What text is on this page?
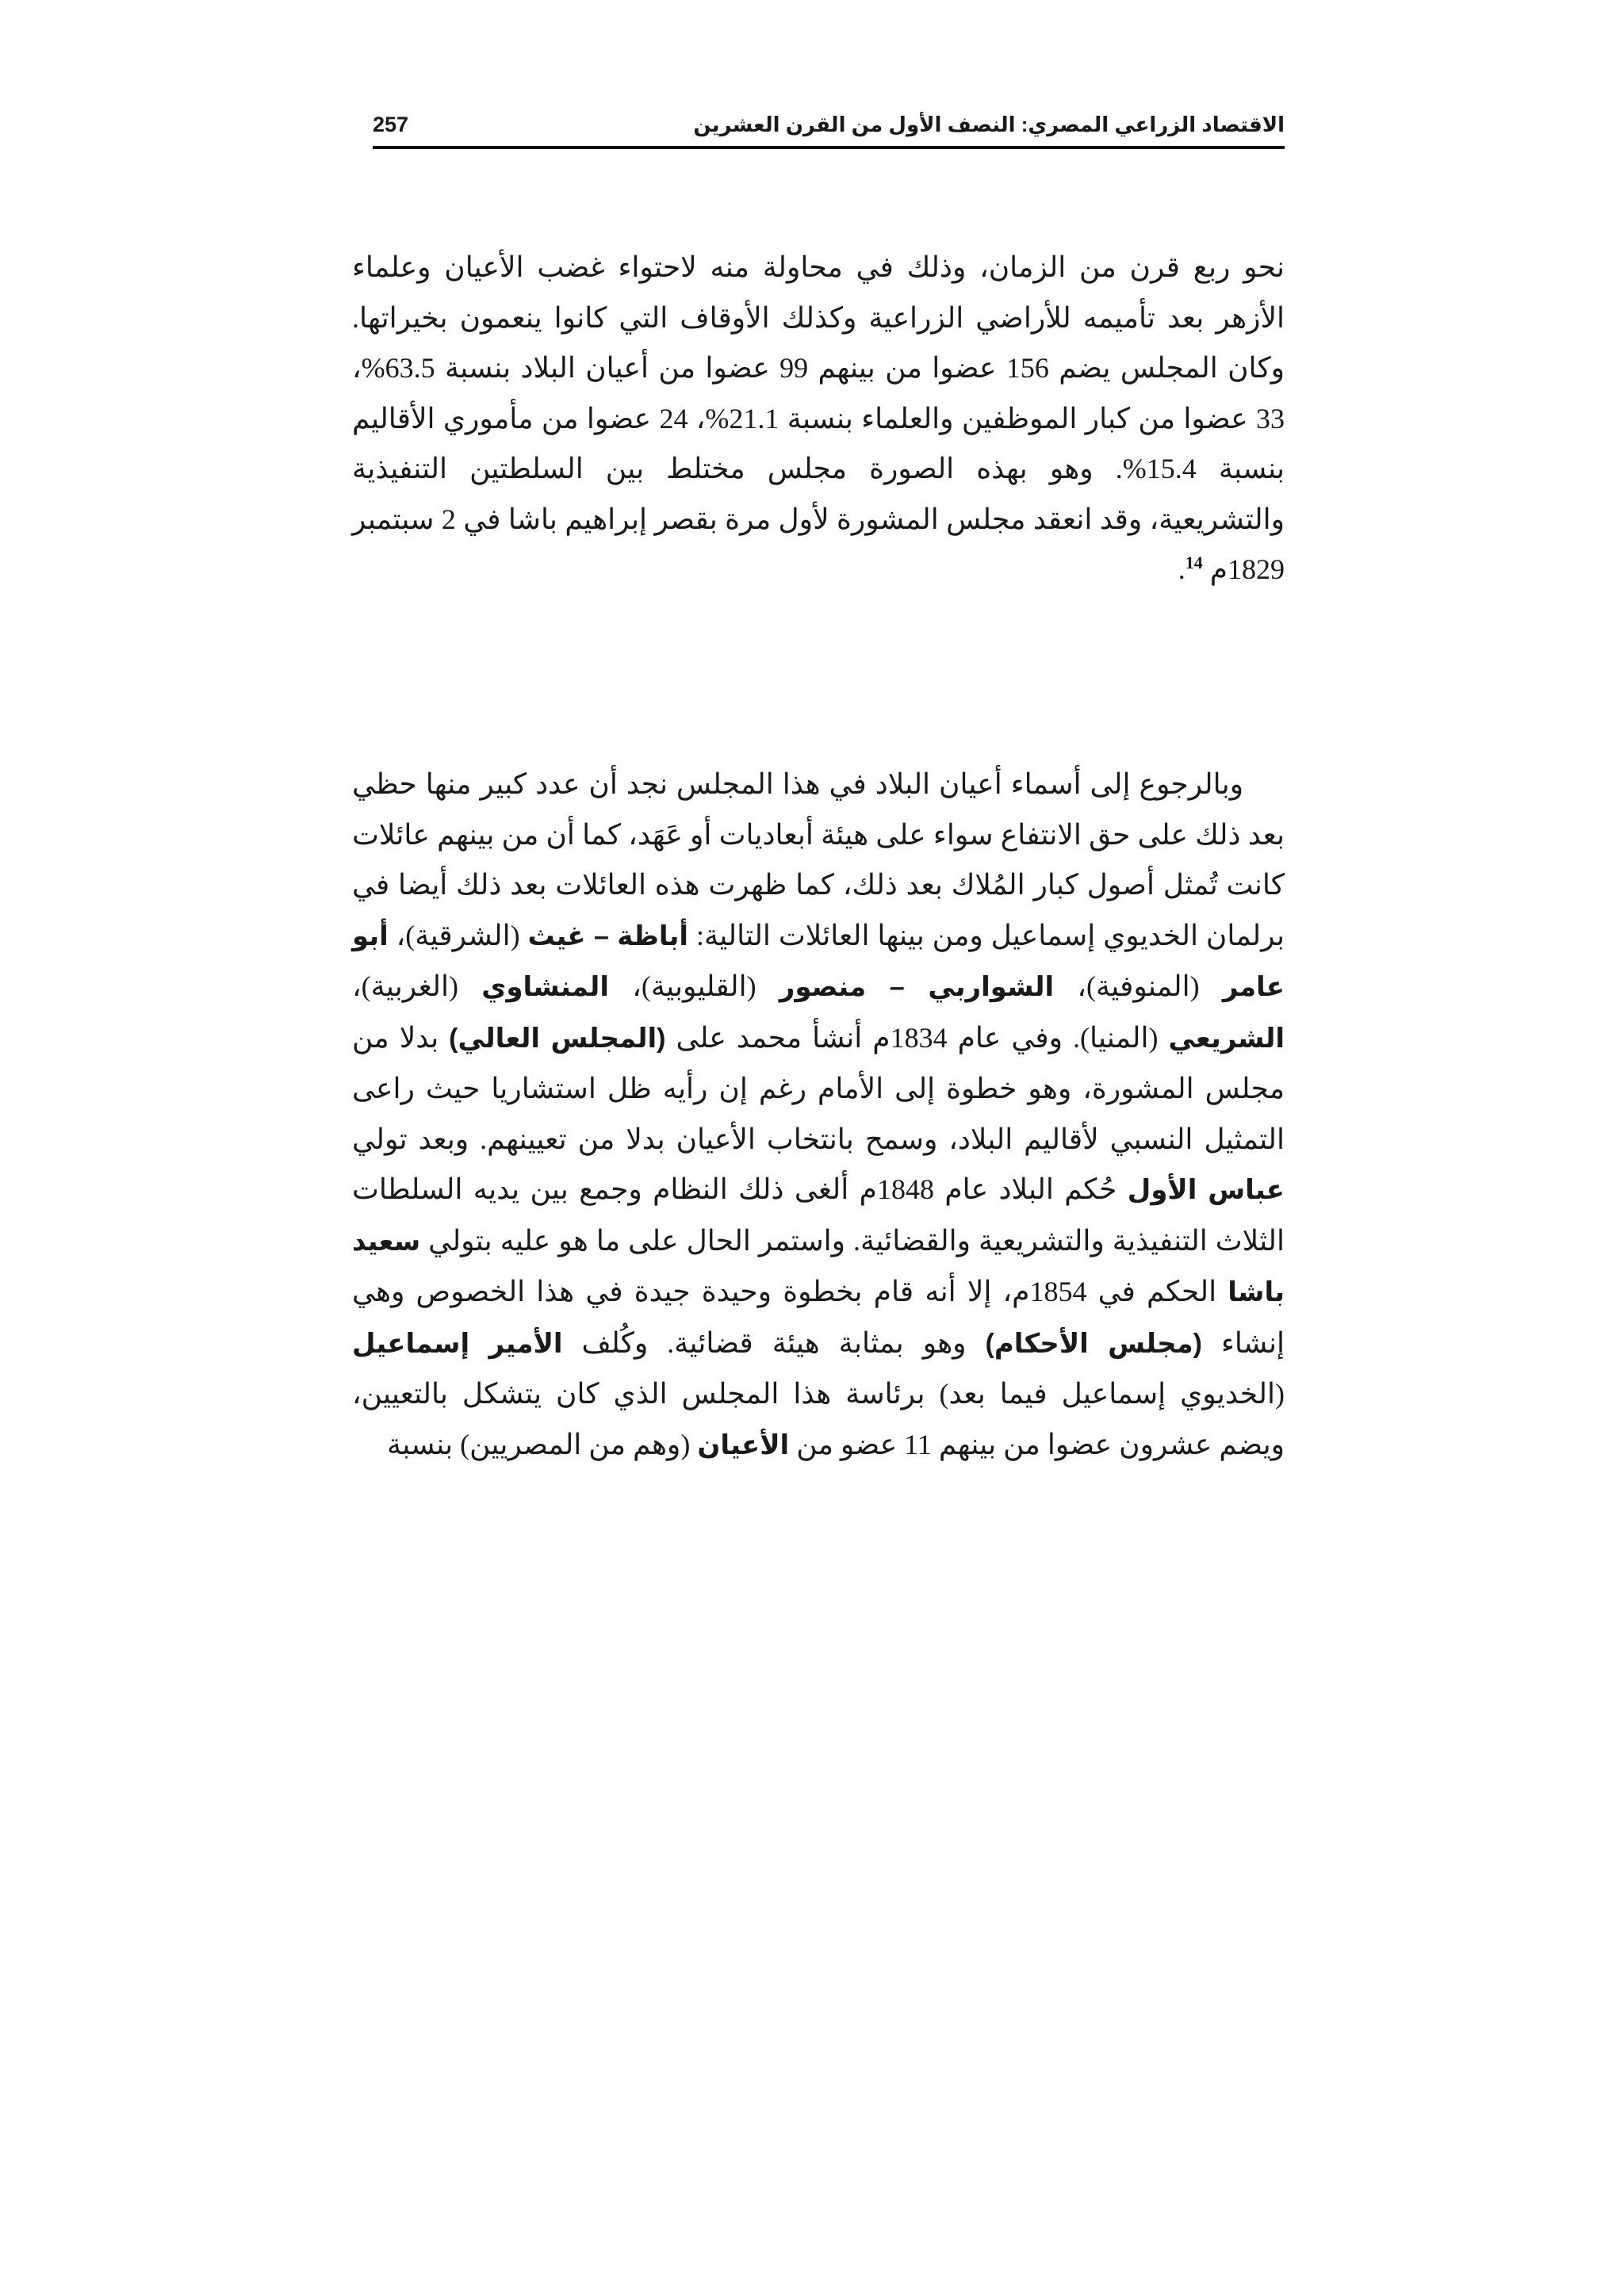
الاقتصاد الزراعي المصري: النصف الأول من القرن العشرين
257

نحو ربع قرن من الزمان، وذلك في محاولة منه لاحتواء غضب الأعيان وعلماء الأزهر بعد تأميمه للأراضي الزراعية وكذلك الأوقاف التي كانوا ينعمون بخيراتها. وكان المجلس يضم 156 عضوا من بينهم 99 عضوا من أعيان البلاد بنسبة 63.5%، 33 عضوا من كبار الموظفين والعلماء بنسبة 21.1%، 24 عضوا من مأموري الأقاليم بنسبة 15.4%. وهو بهذه الصورة مجلس مختلط بين السلطتين التنفيذية والتشريعية، وقد انعقد مجلس المشورة لأول مرة بقصر إبراهيم باشا في 2 سبتمبر 1829م $^{14}$.

وبالرجوع إلى أسماء أعيان البلاد في هذا المجلس نجد أن عدد كبير منها حظي بعد ذلك على حق الانتفاع سواء على هيئة أبعاديات أو عَهَد، كما أن من بينهم عائلات كانت تُمثل أصول كبار المُلاك بعد ذلك، كما ظهرت هذه العائلات بعد ذلك أيضا في برلمان الخديوي إسماعيل ومن بينها العائلات التالية: أباظة – غيث (الشرقية)، أبو عامر (المنوفية)، الشواربي – منصور (القليوبية)، المنشاوي (الغربية)، الشريعي (المنيا). وفي عام 1834م أنشأ محمد على (المجلس العالي) بدلا من مجلس المشورة، وهو خطوة إلى الأمام رغم إن رأيه ظل استشاريا حيث راعى التمثيل النسبي لأقاليم البلاد، وسمح بانتخاب الأعيان بدلا من تعيينهم. وبعد تولي عباس الأول حُكم البلاد عام 1848م ألغى ذلك النظام وجمع بين يديه السلطات الثلاث التنفيذية والتشريعية والقضائية. واستمر الحال على ما هو عليه بتولي سعيد باشا الحكم في 1854م، إلا أنه قام بخطوة وحيدة جيدة في هذا الخصوص وهي إنشاء (مجلس الأحكام) وهو بمثابة هيئة قضائية. وكُلف الأمير إسماعيل (الخديوي إسماعيل فيما بعد) برئاسة هذا المجلس الذي كان يتشكل بالتعيين، ويضم عشرون عضوا من بينهم 11 عضو من الأعيان (وهم من المصريين) بنسبة
